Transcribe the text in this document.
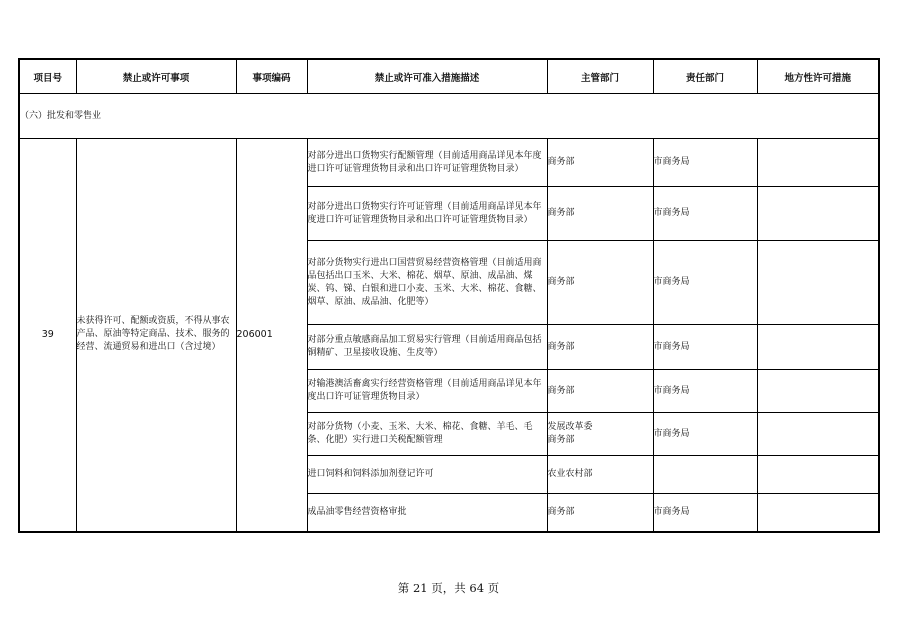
项目号	禁止或许可事项	事项编码	禁止或许可准入措施描述	主管部门	责任部门	地方性许可措施
（六）批发和零售业						
39	未获得许可、配额或资质，不得从事农产品、原油等特定商品、技术、服务的经营、流通贸易和进出口（含过境）	206001	对部分进出口货物实行配额管理（目前适用商品详见本年度进口许可证管理货物目录和出口许可证管理货物目录）	商务部	市商务局	
			对部分进出口货物实行许可证管理（目前适用商品详见本年度进口许可证管理货物目录和出口许可证管理货物目录）	商务部	市商务局	
			对部分货物实行进出口国营贸易经营资格管理（目前适用商品包括出口玉米、大米、棉花、烟草、原油、成品油、煤炭、钨、锑、白银和进口小麦、玉米、大米、棉花、食糖、烟草、原油、成品油、化肥等）	商务部	市商务局	
			对部分重点敏感商品加工贸易实行管理（目前适用商品包括铜精矿、卫星接收设施、生皮等）	商务部	市商务局	
			对输港澳活畜禽实行经营资格管理（目前适用商品详见本年度出口许可证管理货物目录）	商务部	市商务局	
			对部分货物（小麦、玉米、大米、棉花、食糖、羊毛、毛条、化肥）实行进口关税配额管理	发展改革委
商务部	市商务局	
			进口饲料和饲料添加剂登记许可	农业农村部		
			成品油零售经营资格审批	商务部	市商务局	
第 21 页，共 64 页
